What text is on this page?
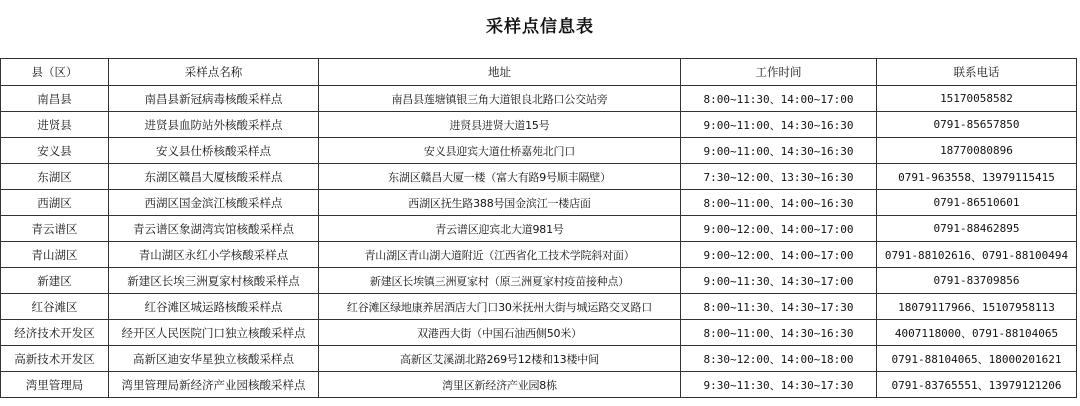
采样点信息表
县（区）	采样点名称	地址	工作时间	联系电话
南昌县	南昌县新冠病毒核酸采样点	南昌县莲塘镇银三角大道银良北路口公交站旁	8:00~11:30、14:00~17:00	15170058582
进贤县	进贤县血防站外核酸采样点	进贤县进贤大道15号	9:00~11:00、14:30~16:30	0791-85657850
安义县	安义县仕桥核酸采样点	安义县迎宾大道仕桥嘉苑北门口	9:00~11:00、14:30~16:30	18770080896
东湖区	东湖区赣昌大厦核酸采样点	东湖区赣昌大厦一楼（富大有路9号顺丰隔壁）	7:30~12:00、13:30~16:30	0791-963558、13979115415
西湖区	西湖区国金滨江核酸采样点	西湖区抚生路388号国金滨江一楼店面	8:00~11:00、14:00~16:30	0791-86510601
青云谱区	青云谱区象湖湾宾馆核酸采样点	青云谱区迎宾北大道981号	9:00~12:00、14:00~17:00	0791-88462895
青山湖区	青山湖区永红小学核酸采样点	青山湖区青山湖大道附近（江西省化工技术学院斜对面）	9:00~12:00、14:00~17:00	0791-88102616、0791-88100494
新建区	新建区长埃三洲夏家村核酸采样点	新建区长埃镇三洲夏家村（原三洲夏家村疫苗接种点）	9:00~11:30、14:30~17:00	0791-83709856
红谷滩区	红谷滩区城运路核酸采样点	红谷滩区绿地康养居酒店大门口30米抚州大街与城运路交叉路口	8:00~11:30、14:30~17:30	18079117966、15107958113
经济技术开发区	经开区人民医院门口独立核酸采样点	双港西大街（中国石油西侧50米）	8:00~11:00、14:30~16:30	4007118000、0791-88104065
高新技术开发区	高新区迪安华星独立核酸采样点	高新区艾溪湖北路269号12楼和13楼中间	8:30~12:00、14:00~18:00	0791-88104065、18000201621
湾里管理局	湾里管理局新经济产业园核酸采样点	湾里区新经济产业园8栋	9:30~11:30、14:30~17:30	0791-83765551、13979121206
